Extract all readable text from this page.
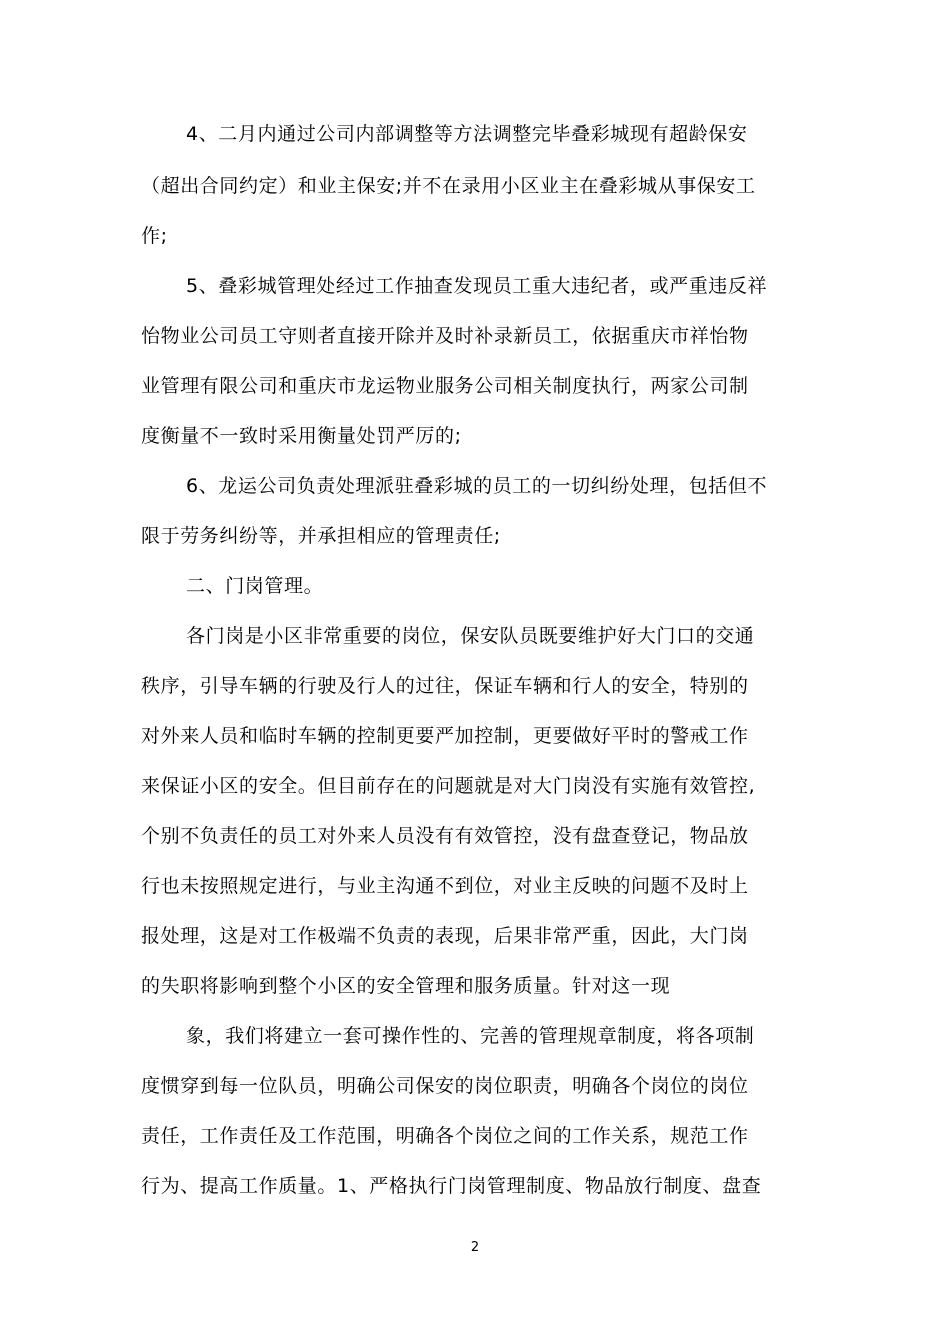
4、二月内通过公司内部调整等方法调整完毕叠彩城现有超龄保安
（超出合同约定）和业主保安;并不在录用小区业主在叠彩城从事保安工
作;
5、叠彩城管理处经过工作抽查发现员工重大违纪者，或严重违反祥
怡物业公司员工守则者直接开除并及时补录新员工，依据重庆市祥怡物
业管理有限公司和重庆市龙运物业服务公司相关制度执行，两家公司制
度衡量不一致时采用衡量处罚严厉的;
6、龙运公司负责处理派驻叠彩城的员工的一切纠纷处理，包括但不
限于劳务纠纷等，并承担相应的管理责任;
二、门岗管理。
各门岗是小区非常重要的岗位，保安队员既要维护好大门口的交通
秩序，引导车辆的行驶及行人的过往，保证车辆和行人的安全，特别的
对外来人员和临时车辆的控制更要严加控制，更要做好平时的警戒工作
来保证小区的安全。但目前存在的问题就是对大门岗没有实施有效管控,
个别不负责任的员工对外来人员没有有效管控，没有盘查登记，物品放
行也未按照规定进行，与业主沟通不到位，对业主反映的问题不及时上
报处理，这是对工作极端不负责的表现，后果非常严重，因此，大门岗
的失职将影响到整个小区的安全管理和服务质量。针对这一现
象，我们将建立一套可操作性的、完善的管理规章制度，将各项制
度惯穿到每一位队员，明确公司保安的岗位职责，明确各个岗位的岗位
责任，工作责任及工作范围，明确各个岗位之间的工作关系，规范工作
行为、提高工作质量。1、严格执行门岗管理制度、物品放行制度、盘查
2
